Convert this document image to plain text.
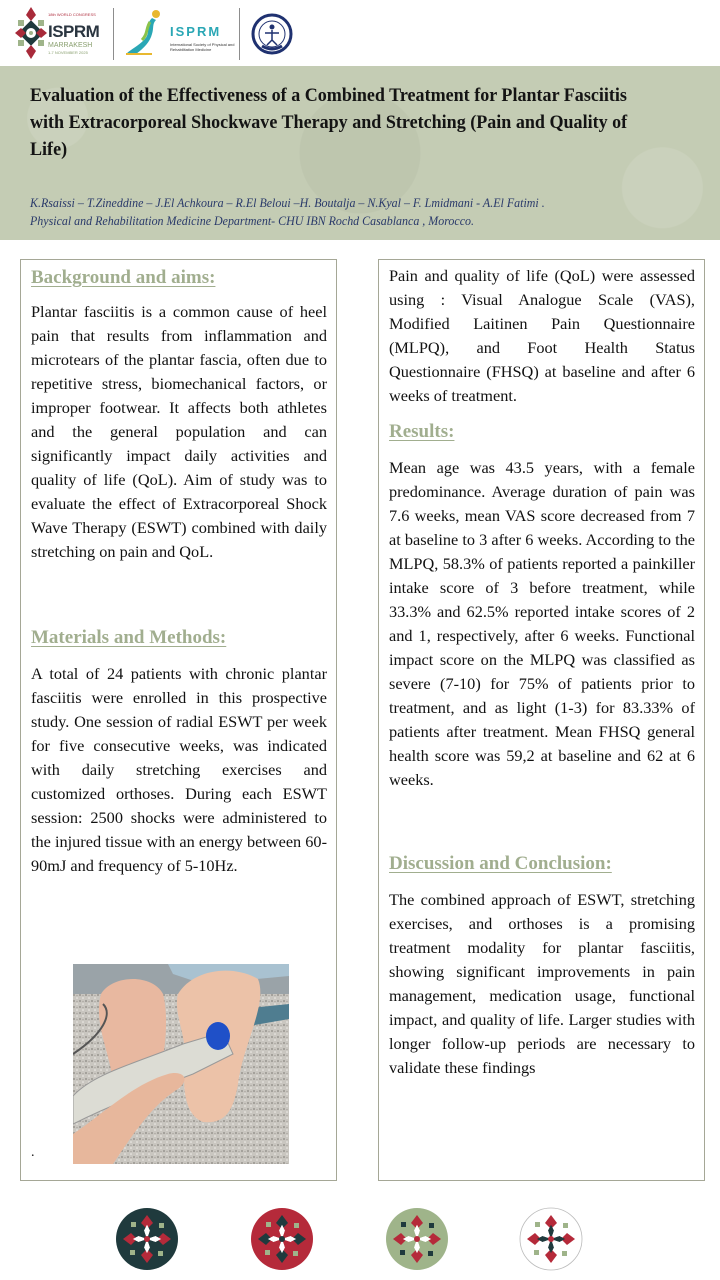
18th WORLD CONGRESS
ISPRM
MARRAKESH
1-7 NOVEMBER 2025
ISPRM
International Society of Physical and Rehabilitation Medicine
Evaluation of the Effectiveness of a Combined Treatment for Plantar Fasciitis with Extracorporeal Shockwave Therapy and Stretching (Pain and Quality of Life)
K.Rsaissi – T.Zineddine – J.El Achkoura – R.El Beloui –H. Boutalja – N.Kyal – F. Lmidmani - A.El Fatimi .
Physical and Rehabilitation Medicine Department- CHU IBN Rochd Casablanca , Morocco.
Background and aims:

Plantar fasciitis is a common cause of heel pain that results from inflammation and microtears of the plantar fascia, often due to repetitive stress, biomechanical factors, or improper footwear. It affects both athletes and the general population and can significantly impact daily activities and quality of life (QoL). Aim of study was to evaluate the effect of Extracorporeal Shock Wave Therapy (ESWT) combined with daily stretching on pain and QoL.

Materials and Methods:

A total of 24 patients with chronic plantar fasciitis were enrolled in this prospective study. One session of radial ESWT per week for five consecutive weeks, was indicated with daily stretching exercises and customized orthoses. During each ESWT session: 2500 shocks were administered to the injured tissue with an energy between 60-90mJ and frequency of 5-10Hz.

.

Pain and quality of life (QoL) were assessed using : Visual Analogue Scale (VAS), Modified Laitinen Pain Questionnaire (MLPQ), and Foot Health Status Questionnaire (FHSQ) at baseline and after 6 weeks of treatment.

Results:

Mean age was 43.5 years, with a female predominance. Average duration of pain was 7.6 weeks, mean VAS score decreased from 7 at baseline to 3 after 6 weeks. According to the MLPQ, 58.3% of patients reported a painkiller intake score of 3 before treatment, while 33.3% and 62.5% reported intake scores of 2 and 1, respectively, after 6 weeks. Functional impact score on the MLPQ was classified as severe (7-10) for 75% of patients prior to treatment, and as light (1-3) for 83.33% of patients after treatment. Mean FHSQ general health score was 59,2 at baseline and 62 at 6 weeks.

Discussion and Conclusion:

The combined approach of ESWT, stretching exercises, and orthoses is a promising treatment modality for plantar fasciitis, showing significant improvements in pain management, medication usage, functional impact, and quality of life. Larger studies with longer follow-up periods are necessary to validate these findings
